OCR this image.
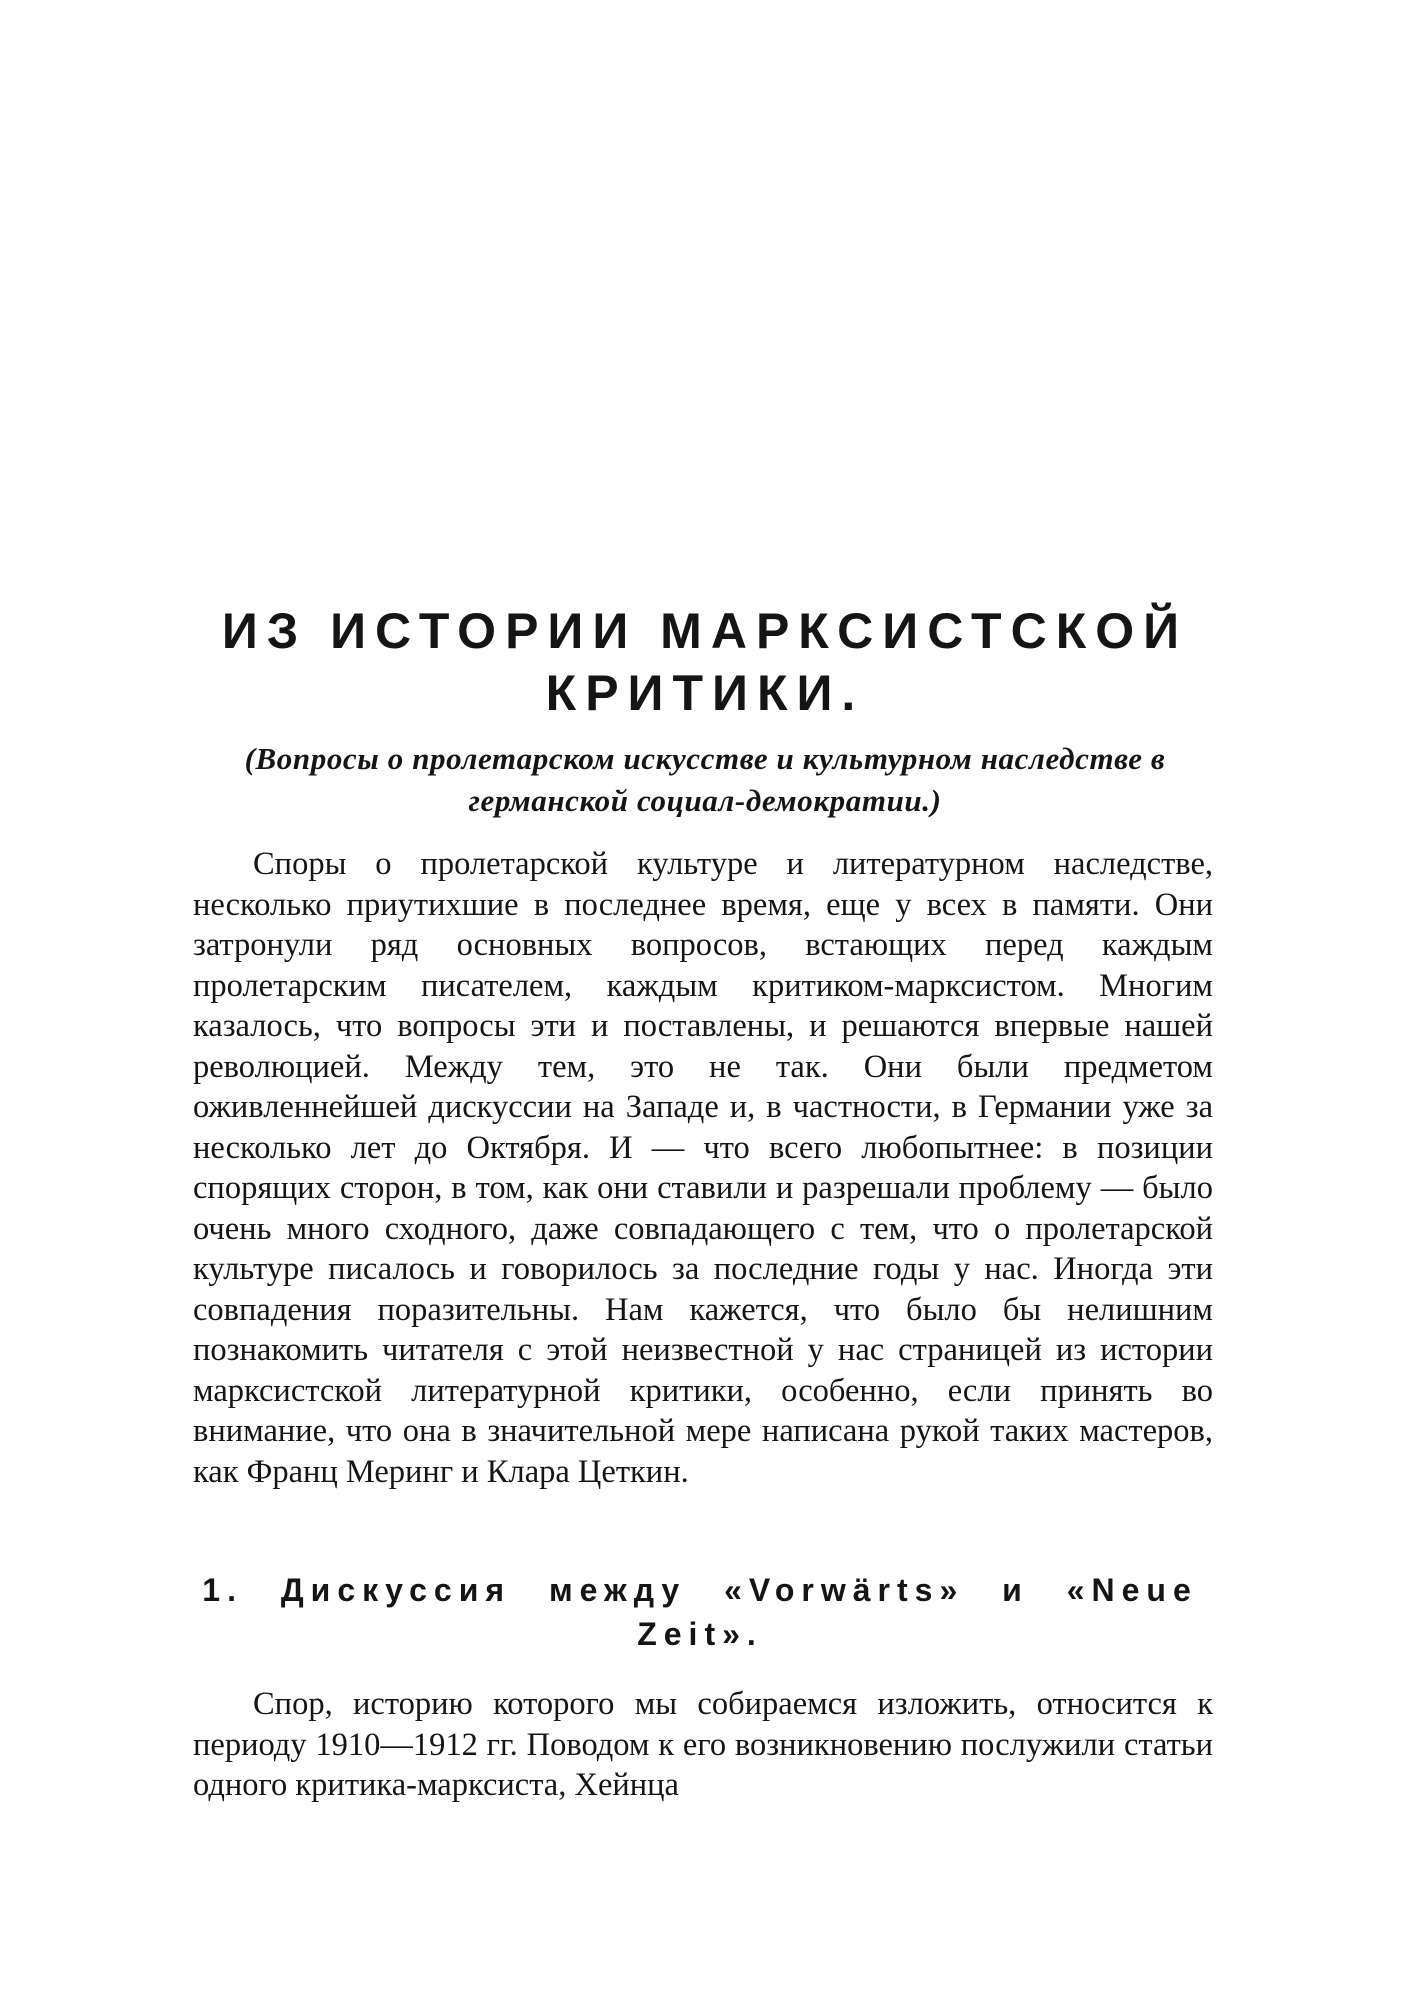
ИЗ ИСТОРИИ МАРКСИСТСКОЙ КРИТИКИ.

(Вопросы о пролетарском искусстве и культурном наследстве в германской социал-демократии.)

Споры о пролетарской культуре и литературном наследстве, несколько приутихшие в последнее время, еще у всех в памяти. Они затронули ряд основных вопросов, встающих перед каждым пролетарским писателем, каждым критиком-марксистом. Многим казалось, что вопросы эти и поставлены, и решаются впервые нашей революцией. Между тем, это не так. Они были предметом оживленнейшей дискуссии на Западе и, в частности, в Германии уже за несколько лет до Октября. И — что всего любопытнее: в позиции спорящих сторон, в том, как они ставили и разрешали проблему — было очень много сходного, даже совпадающего с тем, что о пролетарской культуре писалось и говорилось за последние годы у нас. Иногда эти совпадения поразительны. Нам кажется, что было бы нелишним познакомить читателя с этой неизвестной у нас страницей из истории марксистской литературной критики, особенно, если принять во внимание, что она в значительной мере написана рукой таких мастеров, как Франц Меринг и Клара Цеткин.

1. Дискуссия между «Vorwärts» и «Neue Zeit».

Спор, историю которого мы собираемся изложить, относится к периоду 1910—1912 гг. Поводом к его возникновению послужили статьи одного критика-марксиста, Хейнца
